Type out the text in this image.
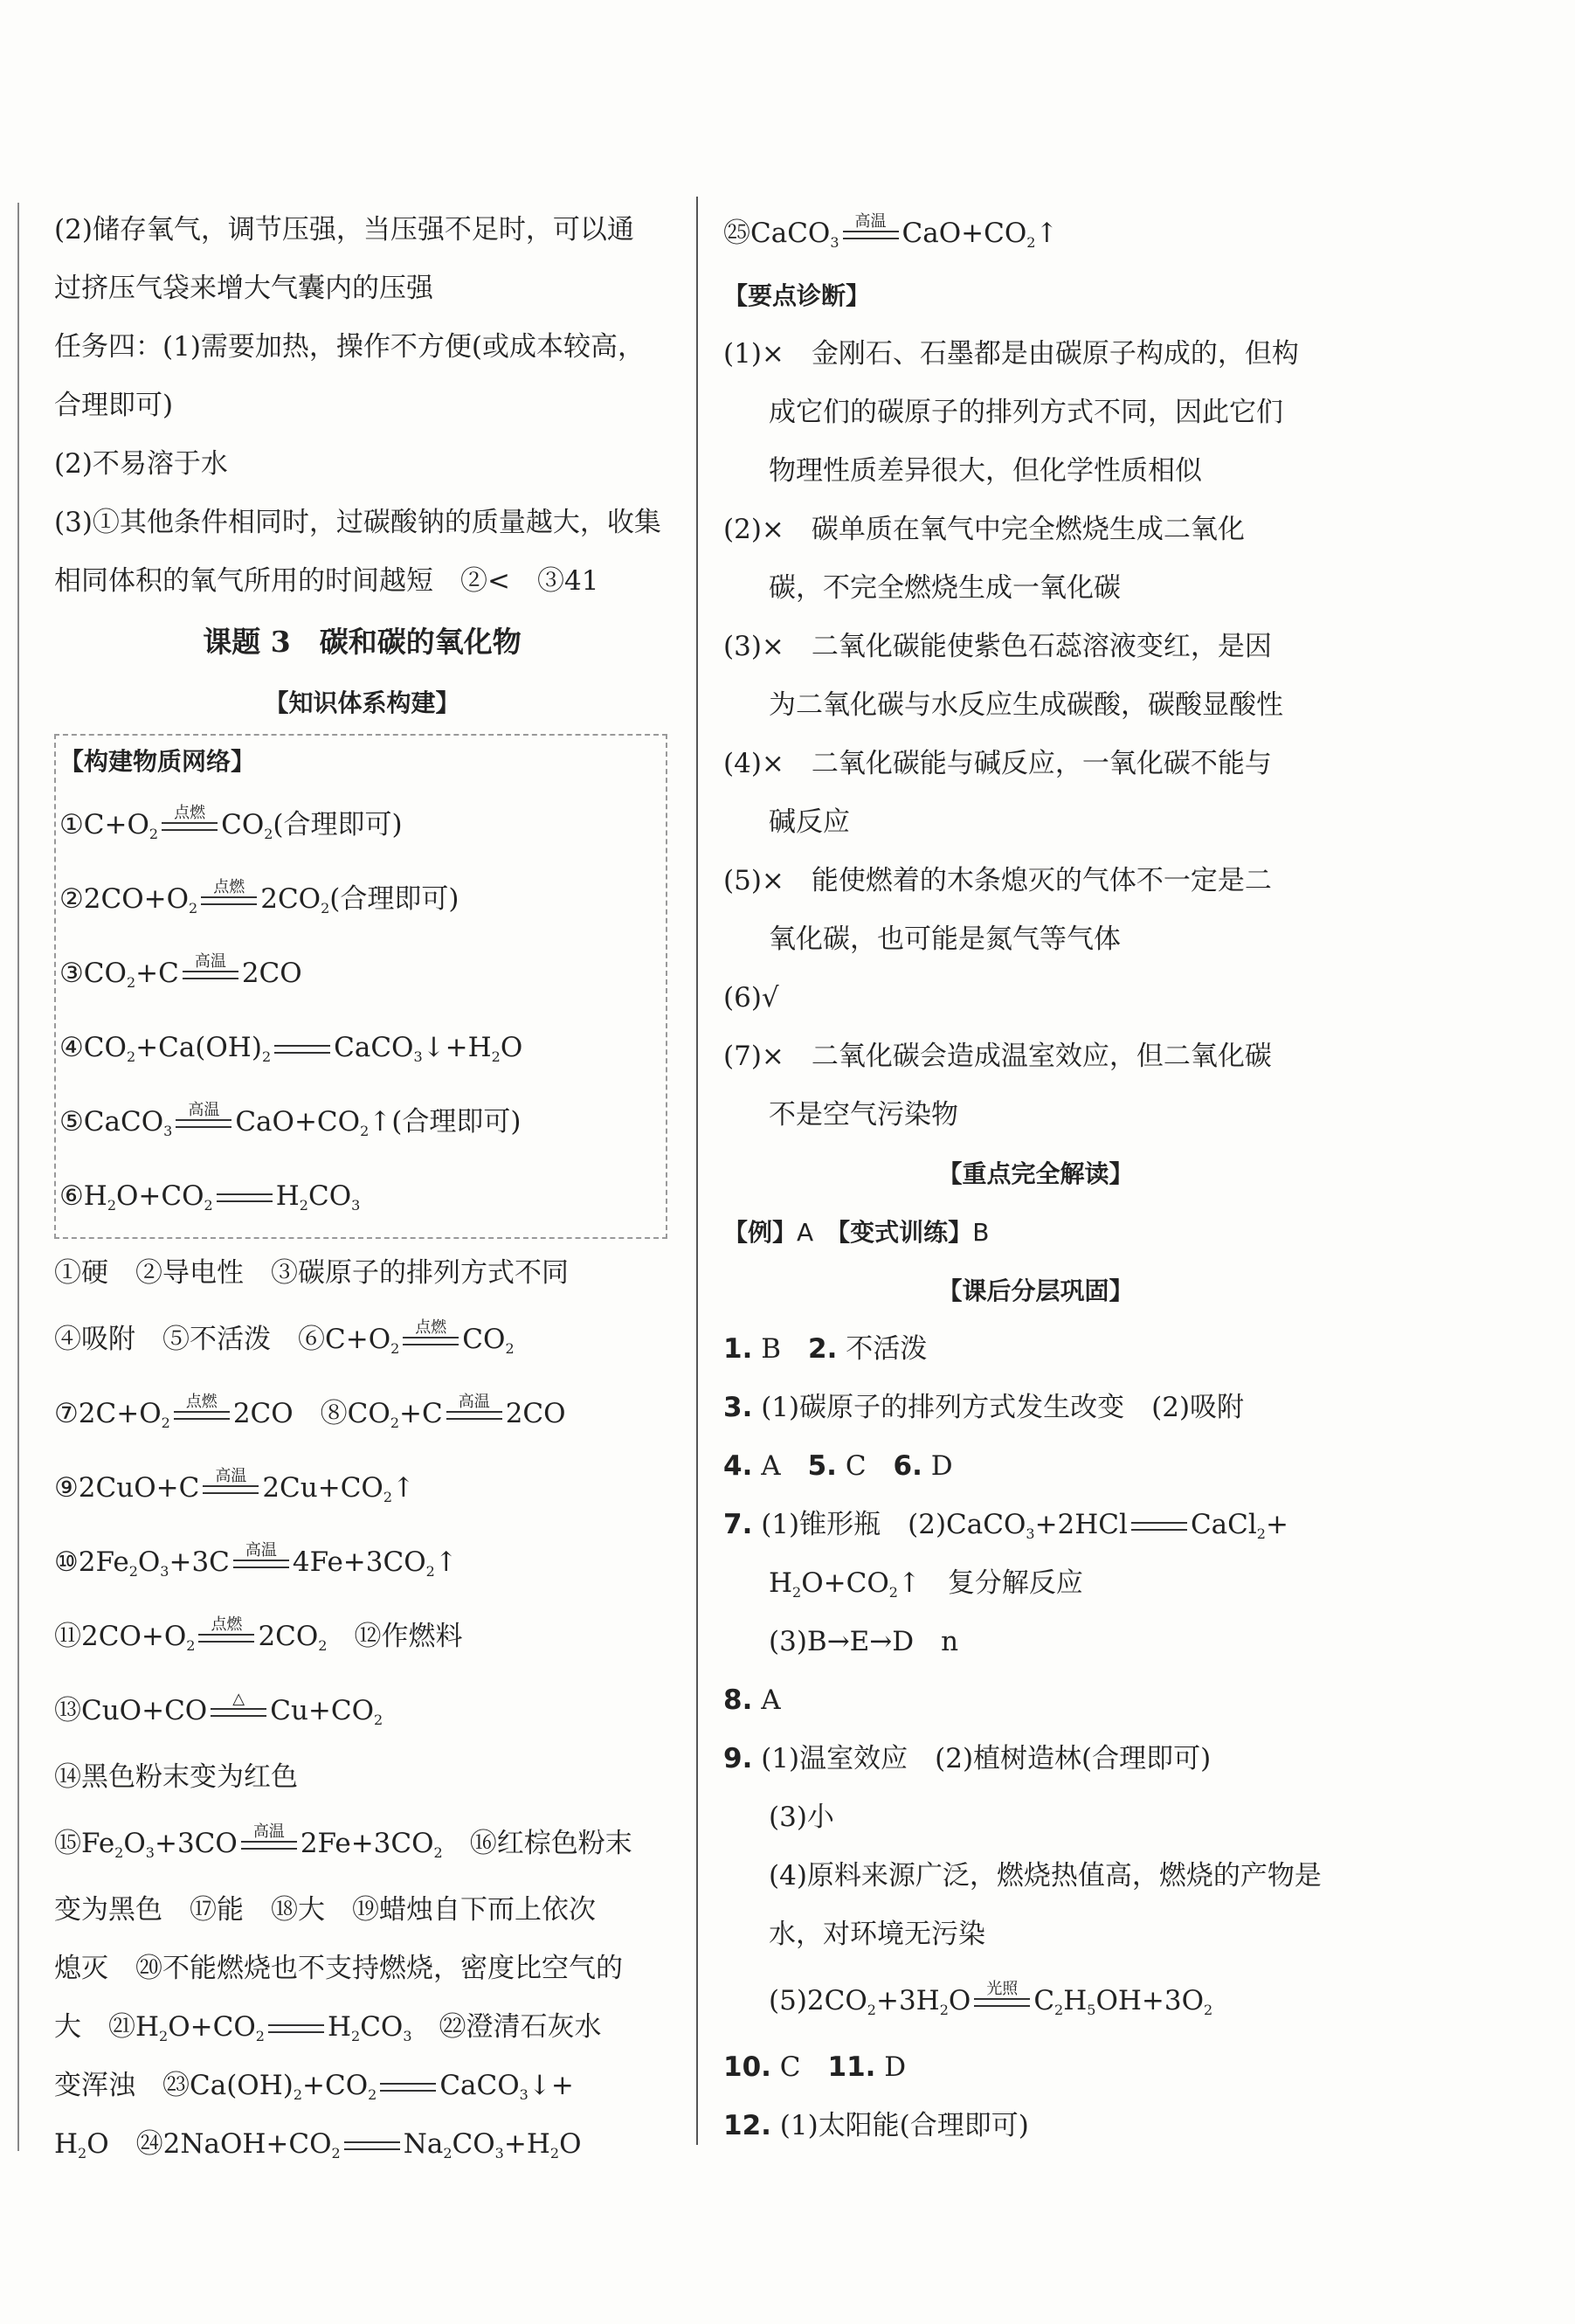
(2)储存氧气，调节压强，当压强不足时，可以通
过挤压气袋来增大气囊内的压强
任务四：(1)需要加热，操作不方便(或成本较高，
合理即可)
(2)不易溶于水
(3)①其他条件相同时，过碳酸钠的质量越大，收集
相同体积的氧气所用的时间越短　②<　③41
课题 3　碳和碳的氧化物
【知识体系构建】
【构建物质网络】
$①C+O_2$
点燃 $CO_2$(合理即可)
$②2CO+O_2$
点燃 $2CO_2$(合理即可)
$③CO_2+C$ 高温 2CO
$④CO_2+Ca(OH)_2$ $CaCO_3↓+H_2O$
⑤CaCO$_3$
高温 $CaO+CO_2↑$(合理即可)
$⑥H_2O+CO_2$ $H_2CO_3$
①硬　②导电性　③碳原子的排列方式不同
④吸附　⑤不活泼　$⑥C+O_2$
点燃 $CO_2$
$⑦2C+O_2$
点燃 2CO　$⑧CO_2+C$ 高温 2CO
⑨2CuO+C 高温 $2Cu+CO_2↑$
$⑩2Fe_2O_3+3C$ 高温 $4Fe+3CO_2↑$
$⑪2CO+O_2$
点燃 $2CO_2$　⑫作燃料
⑬CuO+CO △ $Cu+CO_2$
⑭黑色粉末变为红色
$⑮Fe_2O_3+3CO$ 高温 $2Fe+3CO_2$　⑯红棕色粉末
变为黑色　⑰能　⑱大　⑲蜡烛自下而上依次
熄灭　⑳不能燃烧也不支持燃烧，密度比空气的
大　$㉑H_2O+CO_2$ $H_2CO_3$　㉒澄清石灰水
变浑浊　$㉓Ca(OH)_2+CO_2$ CaCO$_3$↓+
$H_2O$　$㉔2NaOH+CO_2$ $Na_2CO_3+H_2O$
㉕CaCO$_3$
高温 $CaO+CO_2↑$
【要点诊断】
(1)×　 金刚石、石墨都是由碳原子构成的，但构
成它们的碳原子的排列方式不同，因此它们
物理性质差异很大，但化学性质相似
(2)×　 碳单质在氧气中完全燃烧生成二氧化
碳，不完全燃烧生成一氧化碳
(3)×　 二氧化碳能使紫色石蕊溶液变红，是因
为二氧化碳与水反应生成碳酸，碳酸显酸性
(4)×　 二氧化碳能与碱反应，一氧化碳不能与
碱反应
(5)×　 能使燃着的木条熄灭的气体不一定是二
氧化碳，也可能是氮气等气体
(6)√
(7)×　 二氧化碳会造成温室效应，但二氧化碳
不是空气污染物
【重点完全解读】
【例】A　【变式训练】B
【课后分层巩固】
1. B　2. 不活泼
3. (1)碳原子的排列方式发生改变　(2)吸附
4. A　5. C　6. D
7. (1)锥形瓶　(2)CaCO$_3$+2HCl CaCl$_2$+
$H_2O+CO_2↑$　复分解反应
(3)B→E→D　n
8. A
9. (1)温室效应　(2)植树造林(合理即可)
(3)小
(4)原料来源广泛，燃烧热值高，燃烧的产物是
水，对环境无污染
$(5)2CO_2+3H_2O$ 光照 $C_2H_5OH+3O_2$
10. C　11. D
12. (1)太阳能(合理即可)
